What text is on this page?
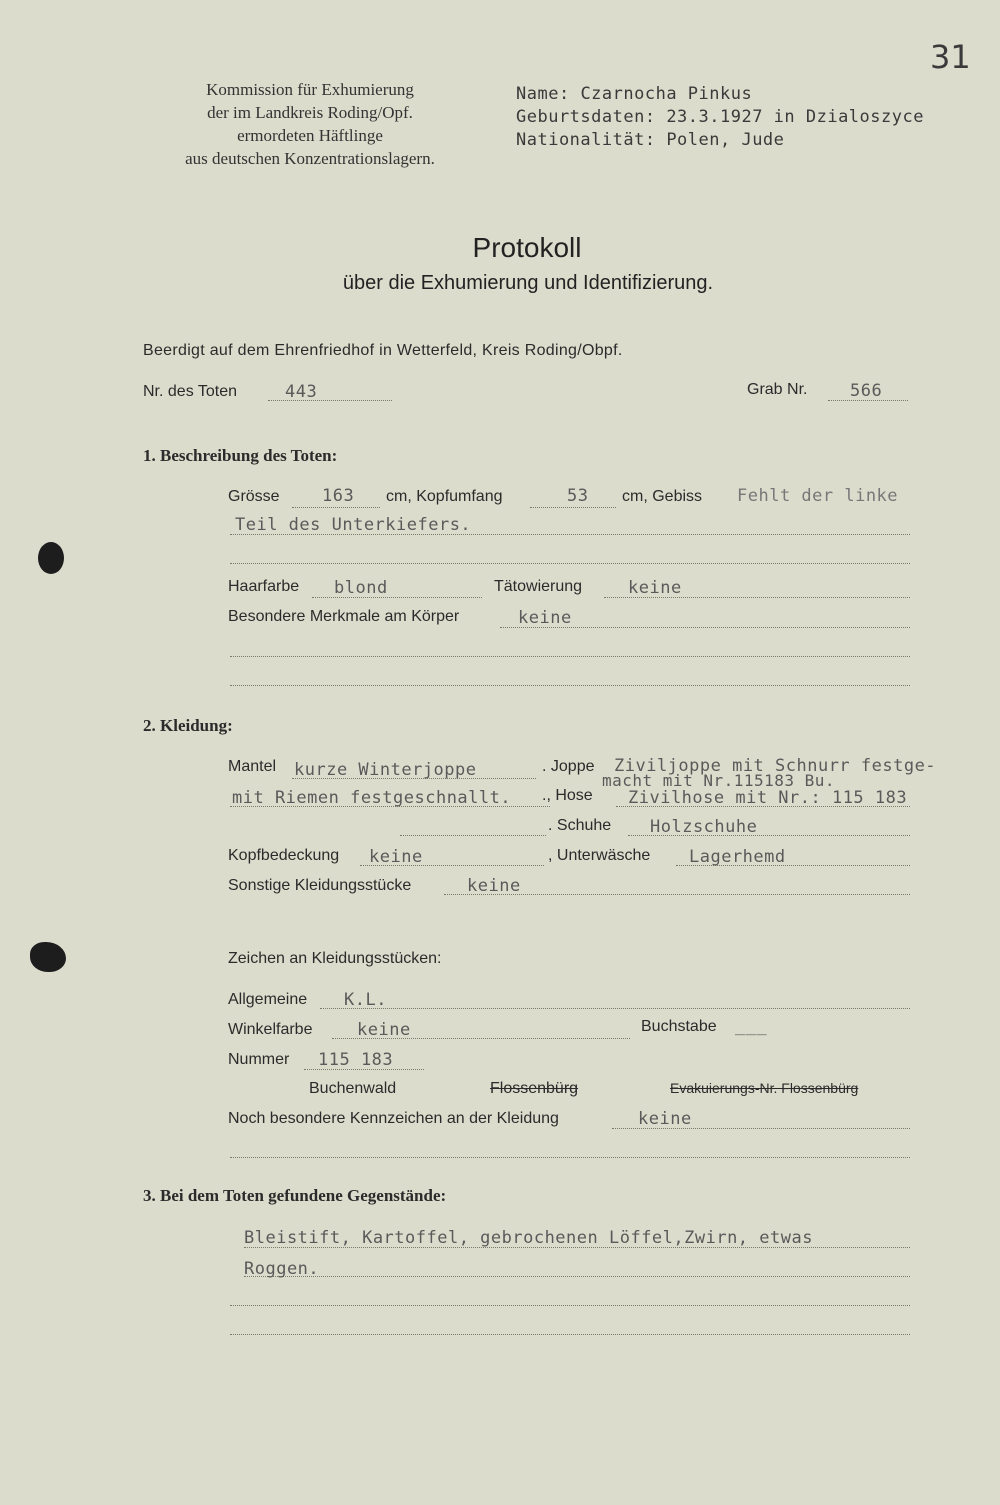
31
Kommission für Exhumierung
der im Landkreis Roding/Opf.
ermordeten Häftlinge
aus deutschen Konzentrationslagern.
Name: Czarnocha Pinkus
Geburtsdaten: 23.3.1927 in Dzialoszyce
Nationalität: Polen, Jude
Protokoll
über die Exhumierung und Identifizierung.
Beerdigt auf dem Ehrenfriedhof in Wetterfeld, Kreis Roding/Obpf.
Nr. des Toten	443	Grab Nr.	566
1. Beschreibung des Toten:
Grösse 163 cm, Kopfumfang	53 cm, Gebiss Fehlt der linke
Teil des Unterkiefers.
Haarfarbe blond	Tätowierung	keine
Besondere Merkmale am Körper	keine
2. Kleidung:
Mantel kurze Winterjoppe	. Joppe Ziviljoppe mit Schnurr festge-
macht mit Nr.115183 Bu.
mit Riemen festgeschnallt. ., Hose Zivilhose mit Nr.: 115 183
. Schuhe Holzschuhe
Kopfbedeckung keine	, Unterwäsche Lagerhemd
Sonstige Kleidungsstücke	keine
Zeichen an Kleidungsstücken:
Allgemeine K.L.
Winkelfarbe	keine	Buchstabe ___
Nummer 115 183
Buchenwald	Flossenbürg	Evakuierungs-Nr. Flossenbürg
Noch besondere Kennzeichen an der Kleidung	keine
3. Bei dem Toten gefundene Gegenstände:
Bleistift, Kartoffel, gebrochenen Löffel,Zwirn, etwas
Roggen.
